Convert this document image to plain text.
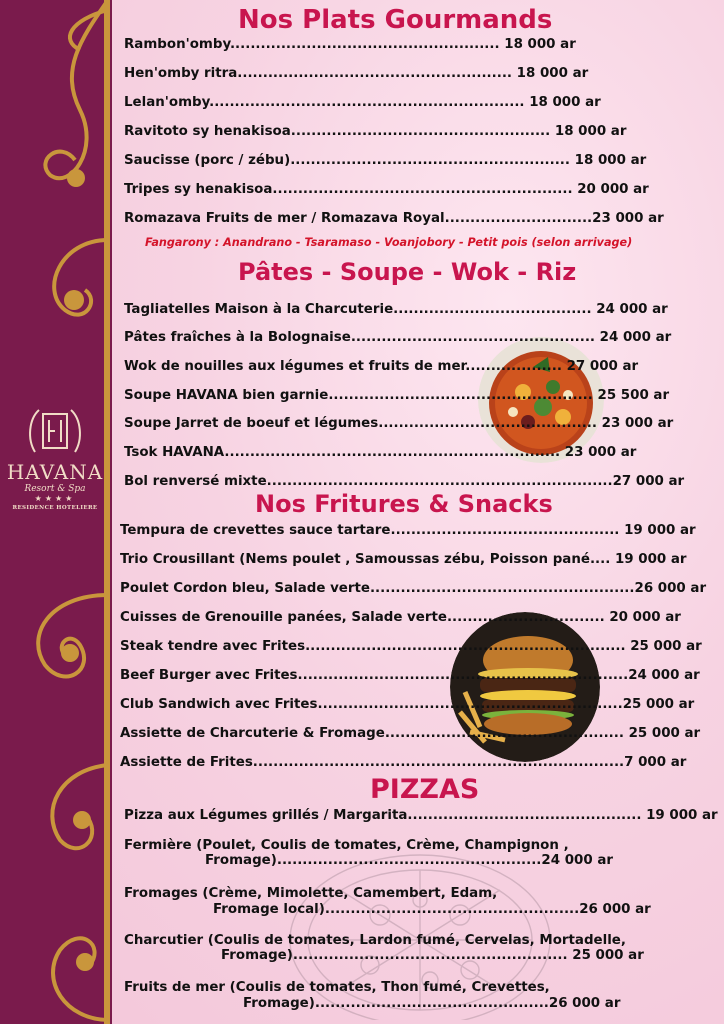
HAVANA
Resort & Spa
★★★★
RESIDENCE HOTELIERE
Nos Plats Gourmands
Rambon'omby..................................................... 18 000 ar
Hen'omby ritra...................................................... 18 000 ar
Lelan'omby.............................................................. 18 000 ar
Ravitoto sy henakisoa................................................... 18 000 ar
Saucisse (porc / zébu)....................................................... 18 000 ar
Tripes sy henakisoa........................................................... 20 000 ar
Romazava Fruits de mer / Romazava Royal.............................23 000 ar
Fangarony : Anandrano - Tsaramaso - Voanjobory - Petit pois (selon arrivage)
Pâtes - Soupe - Wok - Riz
Tagliatelles Maison à la Charcuterie....................................... 24 000 ar
Pâtes fraîches à la Bolognaise................................................ 24 000 ar
Wok de nouilles aux légumes et fruits de mer................... 27 000 ar
Soupe HAVANA bien garnie.................................................... 25 500 ar
Soupe Jarret de boeuf et légumes........................................... 23 000 ar
Tsok HAVANA.................................................................. 23 000 ar
Bol renversé mixte....................................................................27 000 ar
Nos Fritures & Snacks
Tempura de crevettes sauce tartare............................................. 19 000 ar
Trio Crousillant (Nems poulet , Samoussas zébu, Poisson pané.... 19 000 ar
Poulet Cordon bleu, Salade verte....................................................26 000 ar
Cuisses de Grenouille panées, Salade verte............................... 20 000 ar
Steak tendre avec Frites............................................................... 25 000 ar
Beef Burger avec Frites.................................................................24 000 ar
Club Sandwich avec Frites............................................................25 000 ar
Assiette de Charcuterie & Fromage............................................... 25 000 ar
Assiette de Frites.........................................................................7 000 ar
PIZZAS
Pizza aux Légumes grillés / Margarita.............................................. 19 000 ar
Fermière (Poulet, Coulis de tomates, Crème, Champignon ,
Fromage)....................................................24 000 ar
Fromages (Crème, Mimolette, Camembert, Edam,
Fromage local)..................................................26 000 ar
Charcutier (Coulis de tomates, Lardon fumé, Cervelas, Mortadelle,
Fromage)...................................................... 25 000 ar
Fruits de mer (Coulis de tomates, Thon fumé, Crevettes,
Fromage)..............................................26 000 ar
